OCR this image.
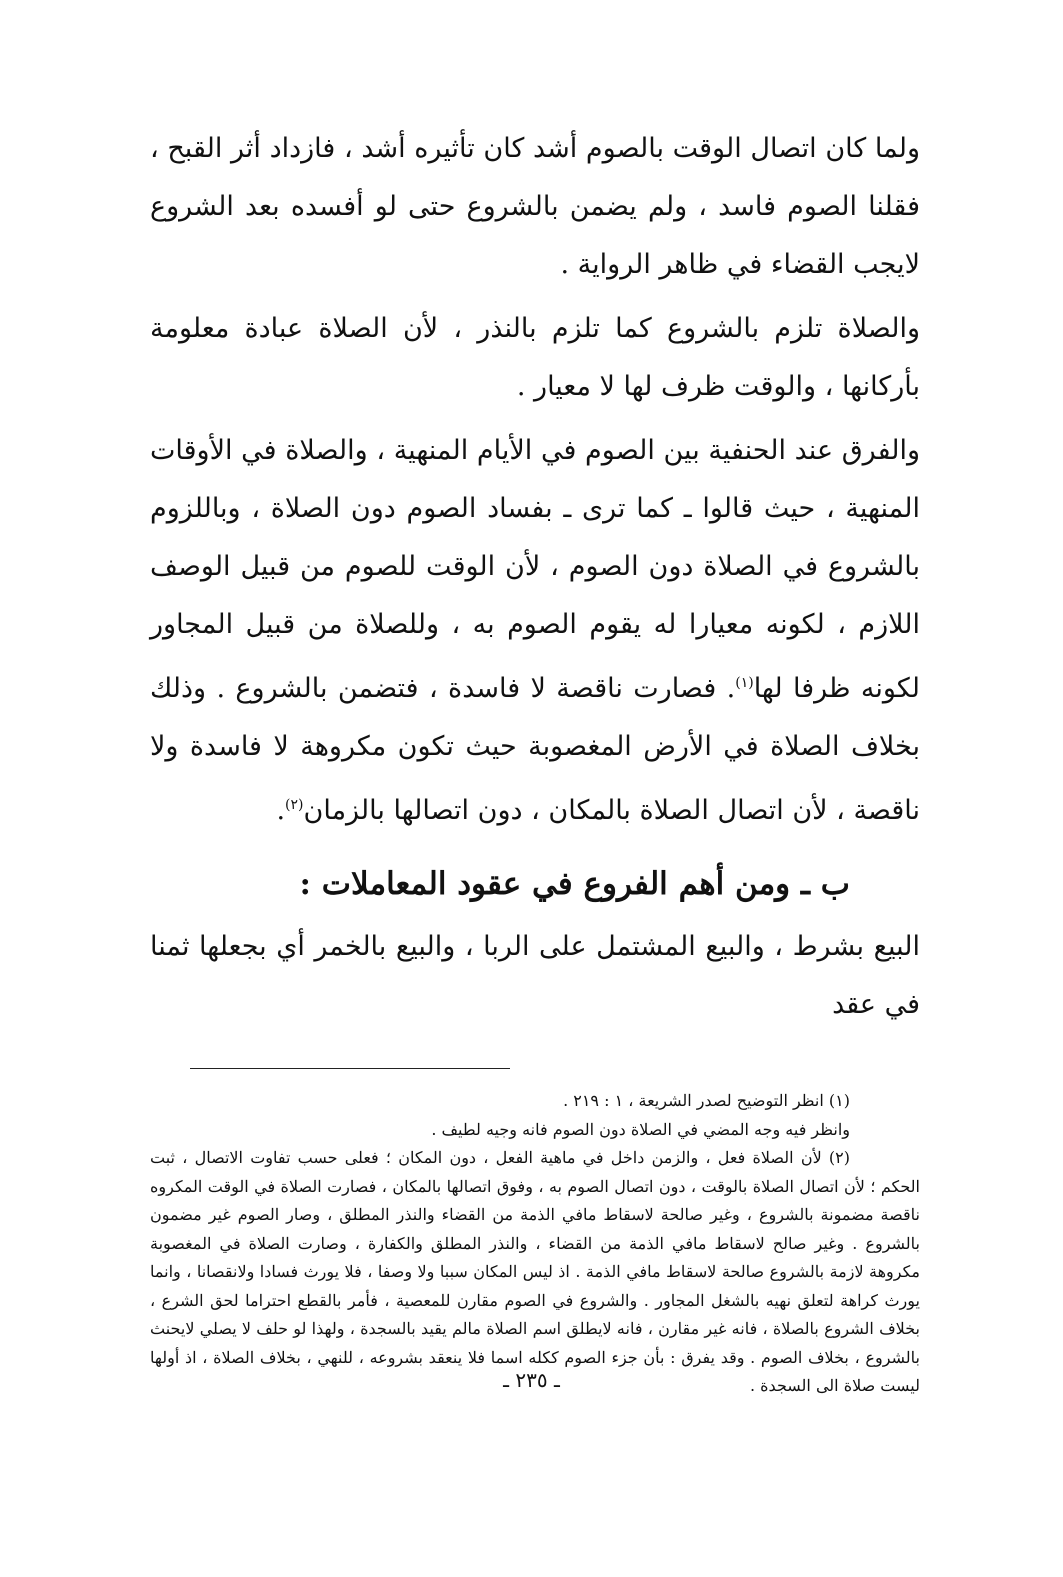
ولما كان اتصال الوقت بالصوم أشد كان تأثيره أشد ، فازداد أثر القبح ، فقلنا الصوم فاسد ، ولم يضمن بالشروع حتى لو أفسده بعد الشروع لايجب القضاء في ظاهر الرواية .

والصلاة تلزم بالشروع كما تلزم بالنذر ، لأن الصلاة عبادة معلومة بأركانها ، والوقت ظرف لها لا معيار .

والفرق عند الحنفية بين الصوم في الأيام المنهية ، والصلاة في الأوقات المنهية ، حيث قالوا ـ كما ترى ـ بفساد الصوم دون الصلاة ، وباللزوم بالشروع في الصلاة دون الصوم ، لأن الوقت للصوم من قبيل الوصف اللازم ، لكونه معيارا له يقوم الصوم به ، وللصلاة من قبيل المجاور لكونه ظرفا لها$^{(١)}$. فصارت ناقصة لا فاسدة ، فتضمن بالشروع . وذلك بخلاف الصلاة في الأرض المغصوبة حيث تكون مكروهة لا فاسدة ولا ناقصة ، لأن اتصال الصلاة بالمكان ، دون اتصالها بالزمان$^{(٢)}$.

ب ـ ومن أهم الفروع في عقود المعاملات :

البيع بشرط ، والبيع المشتمل على الربا ، والبيع بالخمر أي بجعلها ثمنا في عقد

(١) انظر التوضيح لصدر الشريعة ، ١ : ٢١٩ .

وانظر فيه وجه المضي في الصلاة دون الصوم فانه وجيه لطيف .

(٢) لأن الصلاة فعل ، والزمن داخل في ماهية الفعل ، دون المكان ؛ فعلى حسب تفاوت الاتصال ، ثبت الحكم ؛ لأن اتصال الصلاة بالوقت ، دون اتصال الصوم به ، وفوق اتصالها بالمكان ، فصارت الصلاة في الوقت المكروه ناقصة مضمونة بالشروع ، وغير صالحة لاسقاط مافي الذمة من القضاء والنذر المطلق ، وصار الصوم غير مضمون بالشروع . وغير صالح لاسقاط مافي الذمة من القضاء ، والنذر المطلق والكفارة ، وصارت الصلاة في المغصوبة مكروهة لازمة بالشروع صالحة لاسقاط مافي الذمة . اذ ليس المكان سببا ولا وصفا ، فلا يورث فسادا ولانقصانا ، وانما يورث كراهة لتعلق نهيه بالشغل المجاور . والشروع في الصوم مقارن للمعصية ، فأمر بالقطع احتراما لحق الشرع ، بخلاف الشروع بالصلاة ، فانه غير مقارن ، فانه لايطلق اسم الصلاة مالم يقيد بالسجدة ، ولهذا لو حلف لا يصلي لايحنث بالشروع ، بخلاف الصوم . وقد يفرق : بأن جزء الصوم ككله اسما فلا ينعقد بشروعه ، للنهي ، بخلاف الصلاة ، اذ أولها ليست صلاة الى السجدة .

ـ ٢٣٥ ـ
